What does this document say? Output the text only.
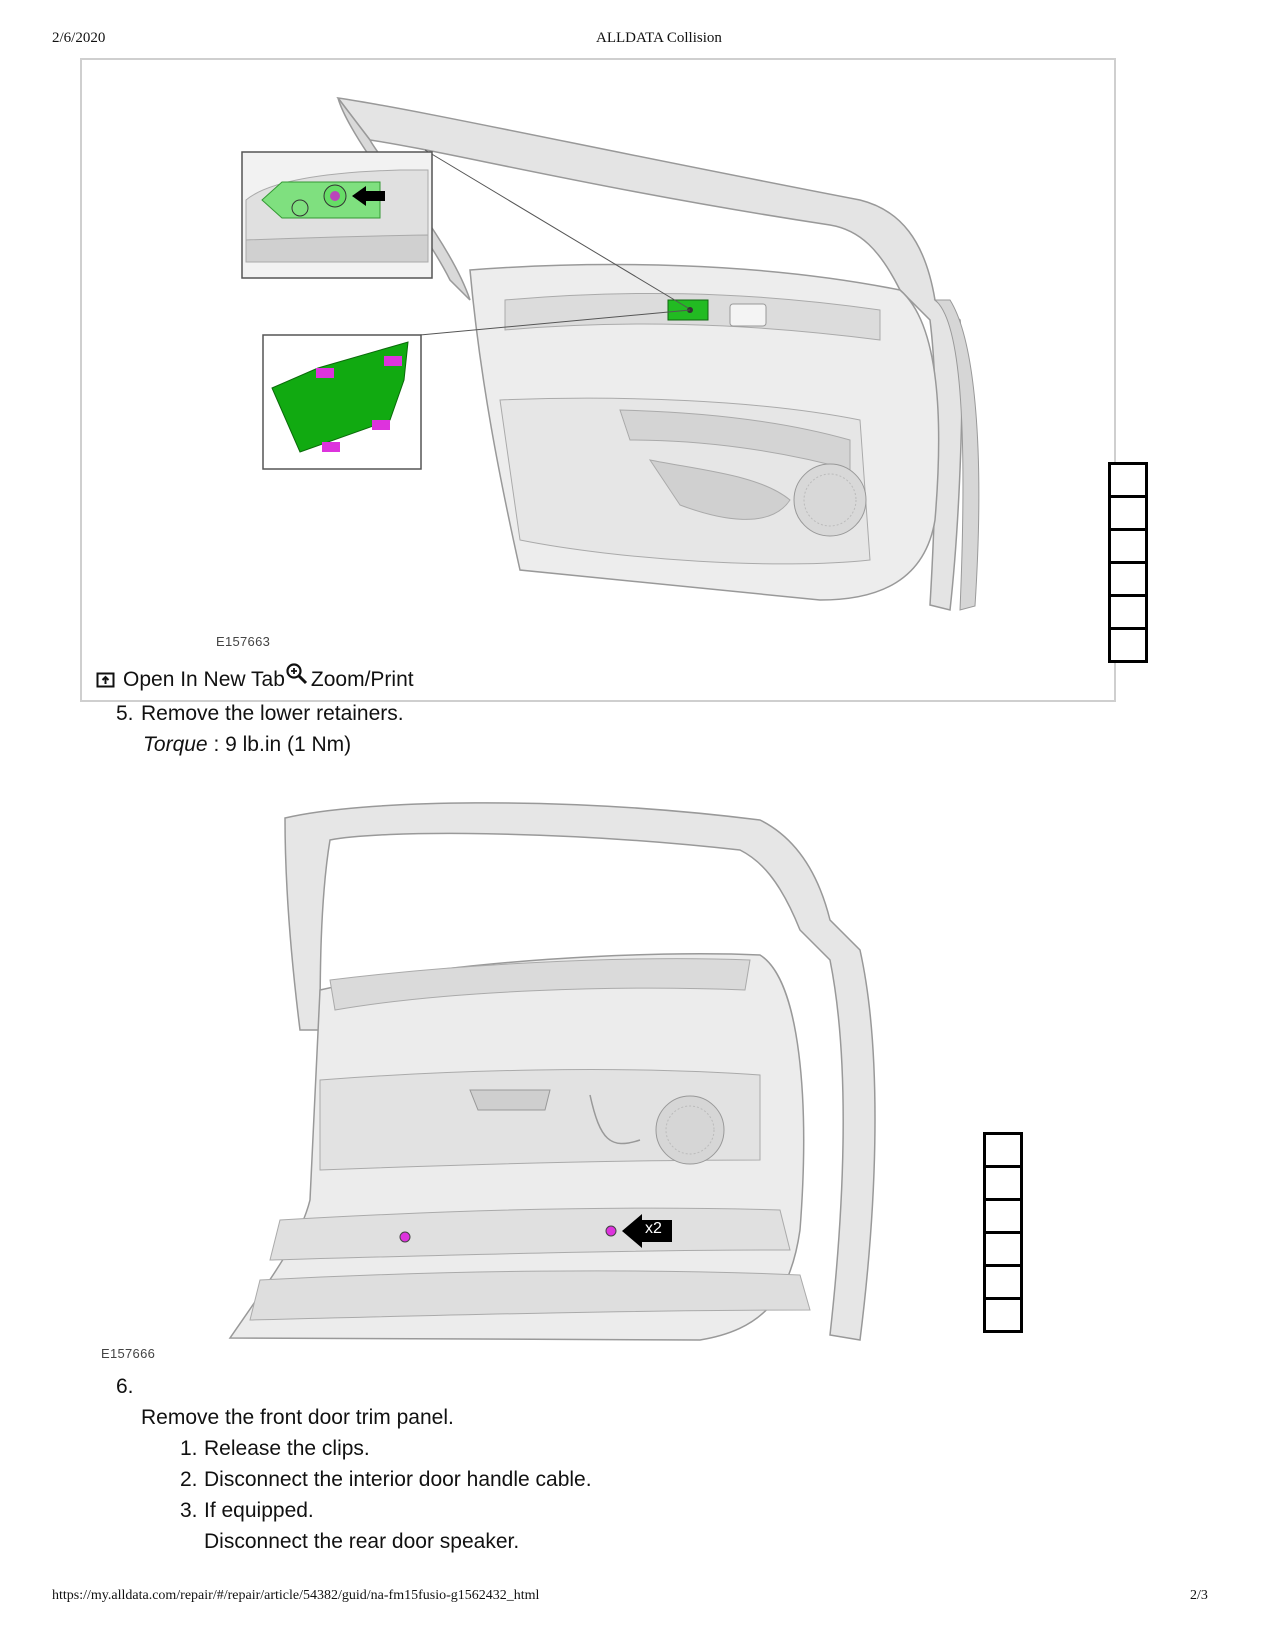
2/6/2020	ALLDATA Collision
E157663
Open In New Tab Zoom/Print
5. Remove the lower retainers.
Torque : 9 lb.in (1 Nm)
x2
E157666
6.
Remove the front door trim panel.
1. Release the clips.
2. Disconnect the interior door handle cable.
3. If equipped.
Disconnect the rear door speaker.
https://my.alldata.com/repair/#/repair/article/54382/guid/na-fm15fusio-g1562432_html	2/3
